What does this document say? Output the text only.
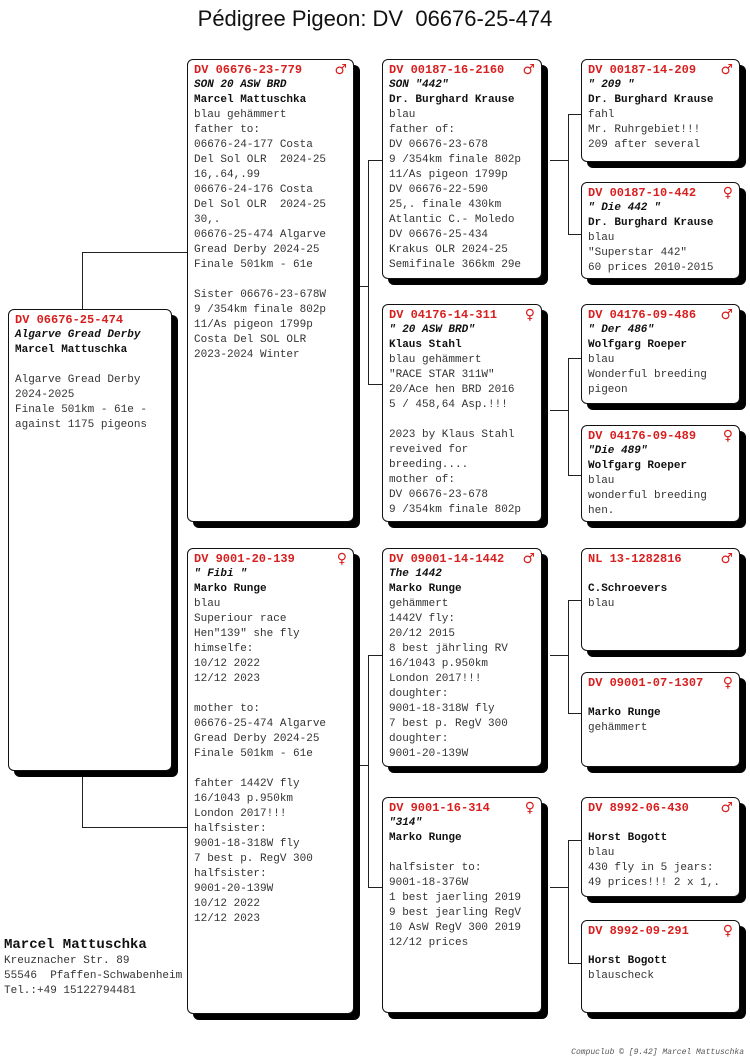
Pédigree Pigeon: DV  06676-25-474
DV 06676-25-474
Algarve Gread Derby
Marcel Mattuschka
Algarve Gread Derby
2024-2025
Finale 501km - 61e -
against 1175 pigeons
DV 06676-23-779 ♂
SON 20 ASW BRD
Marcel Mattuschka
blau gehämmert
father to:
06676-24-177 Costa
Del Sol OLR  2024-25
16,.64,.99
06676-24-176 Costa
Del Sol OLR  2024-25
30,.
06676-25-474 Algarve
Gread Derby 2024-25
Finale 501km - 61e
Sister 06676-23-678W
9 /354km finale 802p
11/As pigeon 1799p
Costa Del SOL OLR
2023-2024 Winter
DV 9001-20-139	♀
" Fibi "
Marko Runge
blau
Superiour race
Hen"139" she fly
himselfe:
10/12 2022
12/12 2023
mother to:
06676-25-474 Algarve
Gread Derby 2024-25
Finale 501km - 61e
fahter 1442V fly
16/1043 p.950km
London 2017!!!
halfsister:
9001-18-318W fly
7 best p. RegV 300
halfsister:
9001-20-139W
10/12 2022
12/12 2023
DV 00187-16-2160 ♂
SON "442"
Dr. Burghard Krause
blau
father of:
DV 06676-23-678
9 /354km finale 802p
11/As pigeon 1799p
DV 06676-22-590
25,. finale 430km
Atlantic C.- Moledo
DV 06676-25-434
Krakus OLR 2024-25
Semifinale 366km 29e
DV 04176-14-311 ♀
" 20 ASW BRD"
Klaus Stahl
blau gehämmert
"RACE STAR 311W"
20/Ace hen BRD 2016
5 / 458,64 Asp.!!!
2023 by Klaus Stahl
reveived for
breeding....
mother of:
DV 06676-23-678
9 /354km finale 802p
DV 09001-14-1442 ♂
The 1442
Marko Runge
gehämmert
1442V fly:
20/12 2015
8 best jährling RV
16/1043 p.950km
London 2017!!!
doughter:
9001-18-318W fly
7 best p. RegV 300
doughter:
9001-20-139W
DV 9001-16-314 ♀
"314"
Marko Runge
halfsister to:
9001-18-376W
1 best jaerling 2019
9 best jearling RegV
10 AsW RegV 300 2019
12/12 prices
DV 00187-14-209 ♂
" 209 "
Dr. Burghard Krause
fahl
Mr. Ruhrgebiet!!!
209 after several
DV 00187-10-442 ♀
" Die 442 "
Dr. Burghard Krause
blau
"Superstar 442"
60 prices 2010-2015
DV 04176-09-486 ♂
" Der 486"
Wolfgarg Roeper
blau
Wonderful breeding
pigeon
DV 04176-09-489 ♀
"Die 489"
Wolfgarg Roeper
blau
wonderful breeding
hen.
NL 13-1282816	♂
C.Schroevers
blau
DV 09001-07-1307 ♀
Marko Runge
gehämmert
DV 8992-06-430 ♂
Horst Bogott
blau
430 fly in 5 jears:
49 prices!!! 2 x 1,.
DV 8992-09-291 ♀
Horst Bogott
blauscheck
Marcel Mattuschka
Kreuznacher Str. 89
55546  Pfaffen-Schwabenheim
Tel.:+49 15122794481
Compuclub © [9.42] Marcel Mattuschka
